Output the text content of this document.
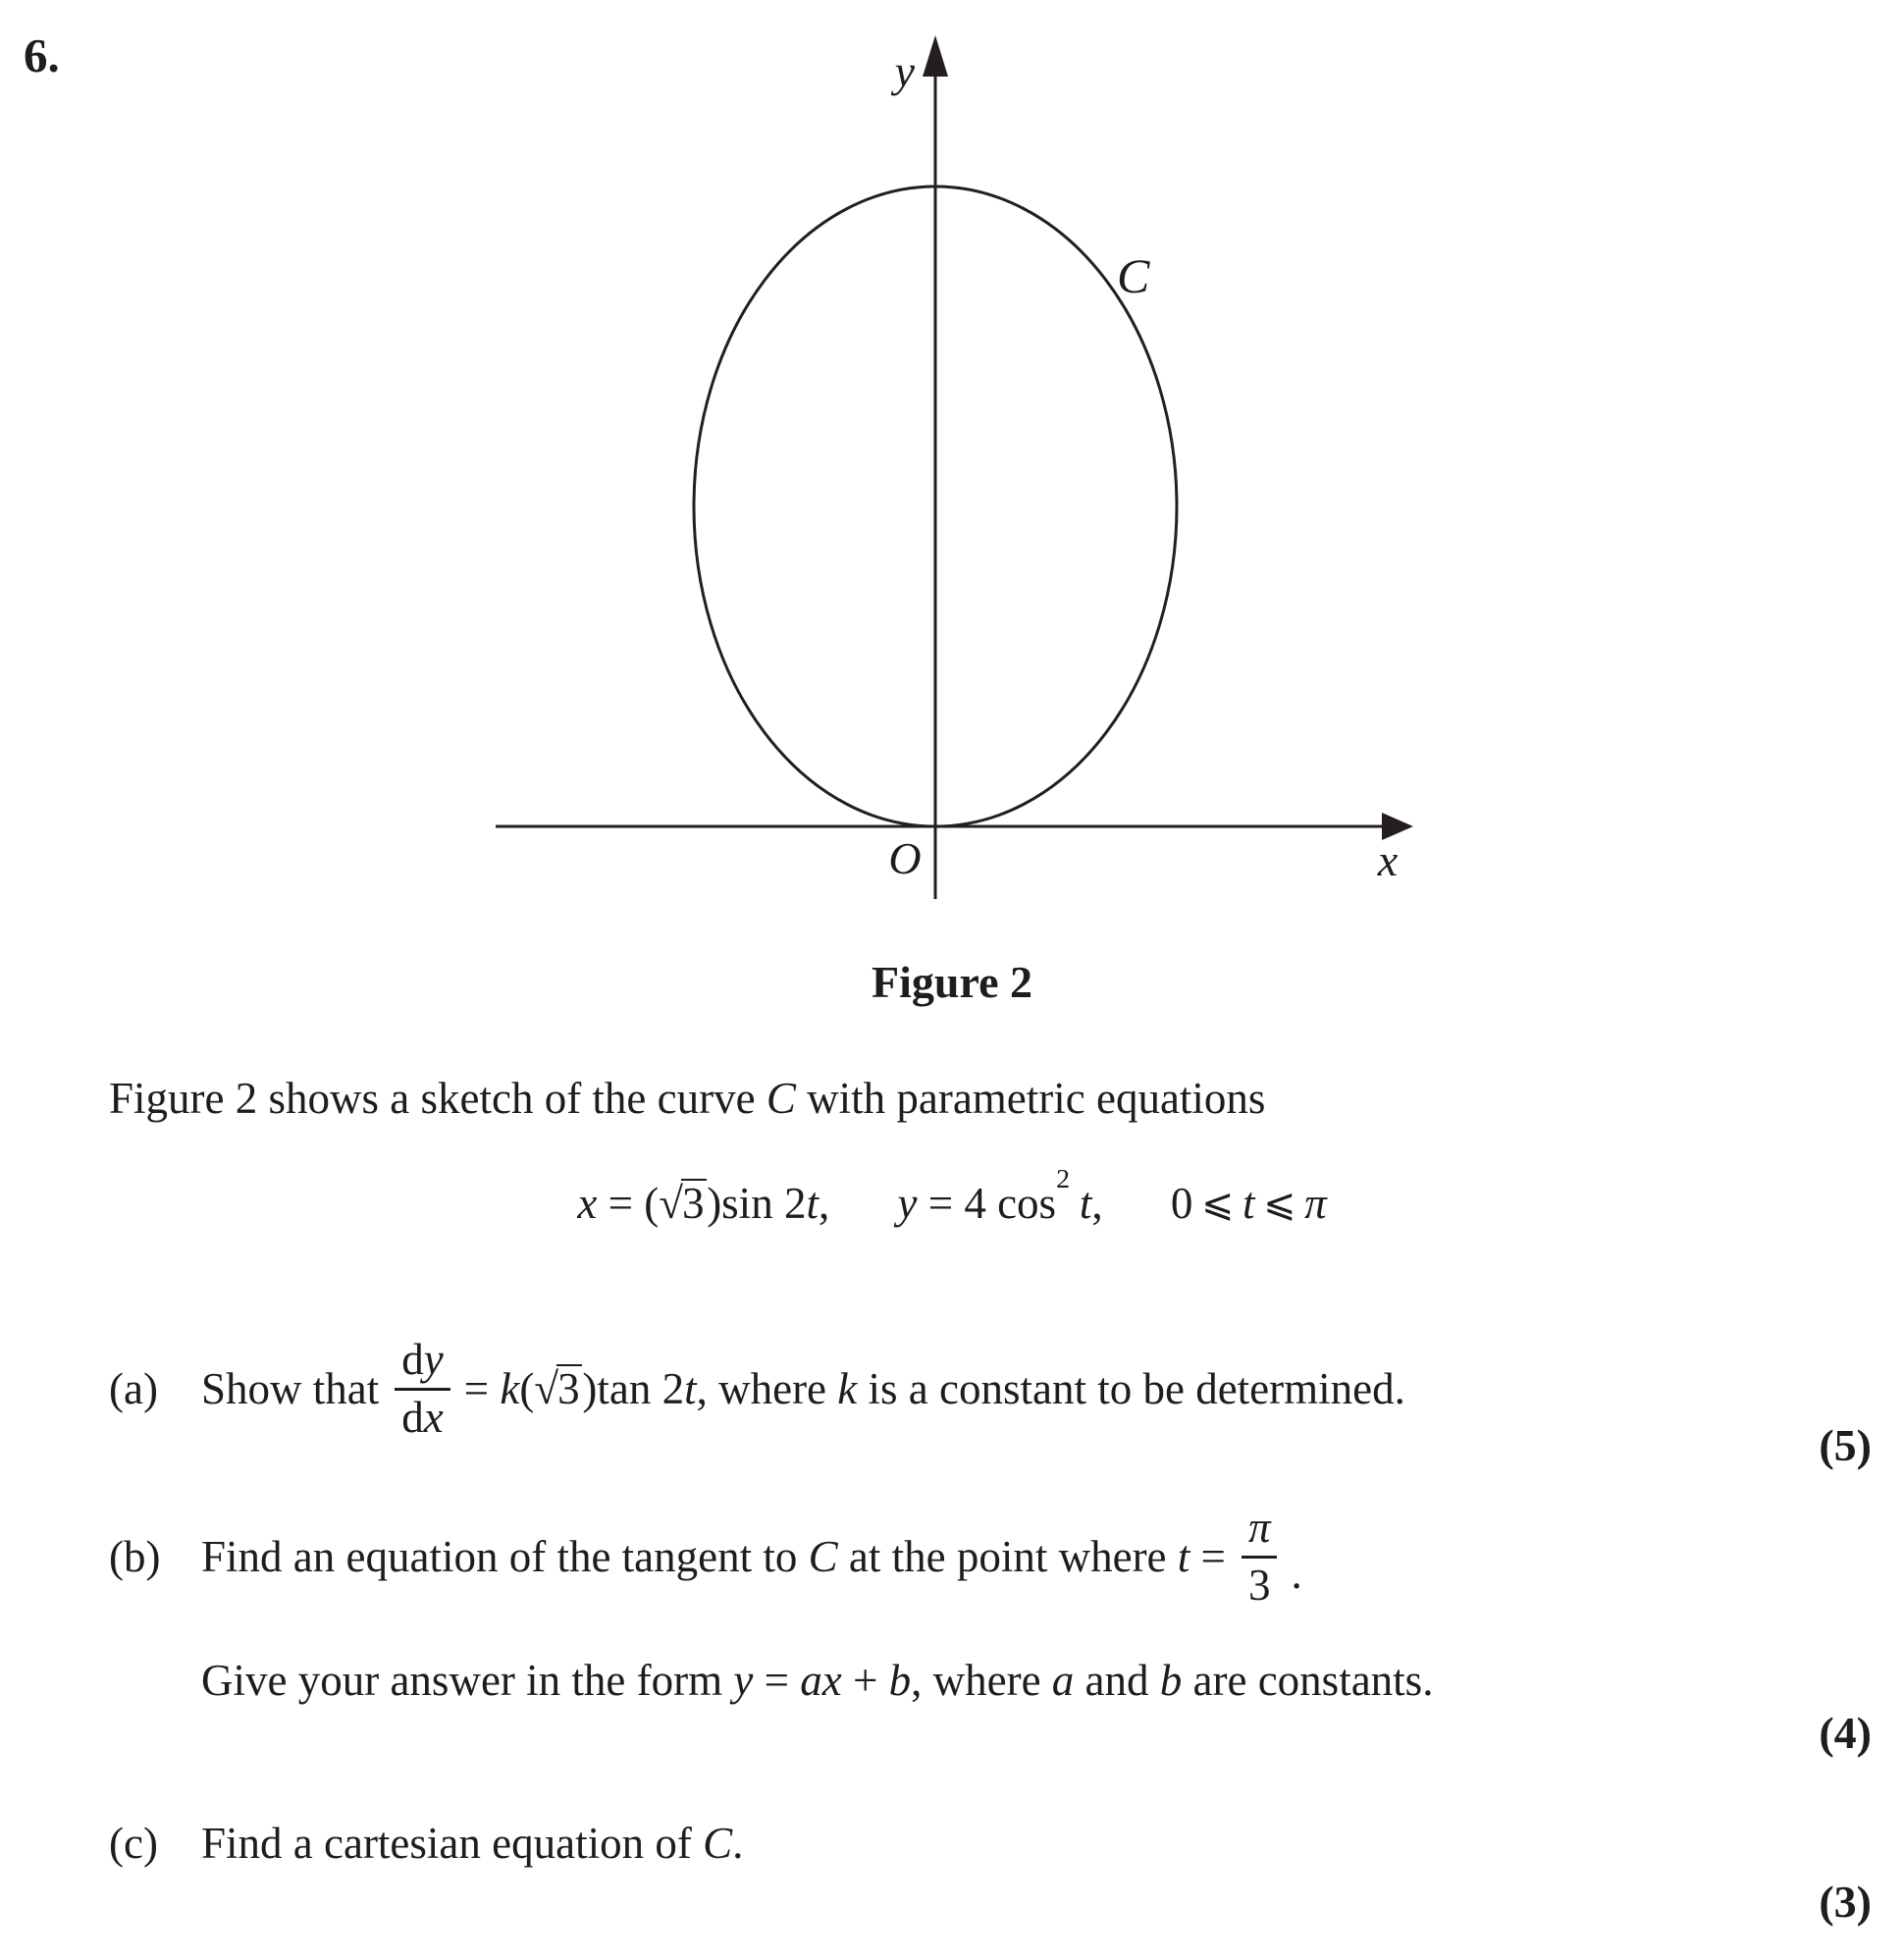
6.	y
x
O
C
Figure 2
Figure 2 shows a sketch of the curve C with parametric equations
x = (√3)sin 2t, y = 4 $\cos^2 t$, 0 ⩽ t ⩽ π
(a) Show that $\frac{dy}{dx} = k(√3)\tan$ 2t, where k is a constant to be determined.
(5)
(b) Find an equation of the tangent to C at the point where $t = \frac{\pi}{3}$ .
Give your answer in the form y = ax + b, where a and b are constants.
(4)
(c) Find a cartesian equation of C.
(3)
